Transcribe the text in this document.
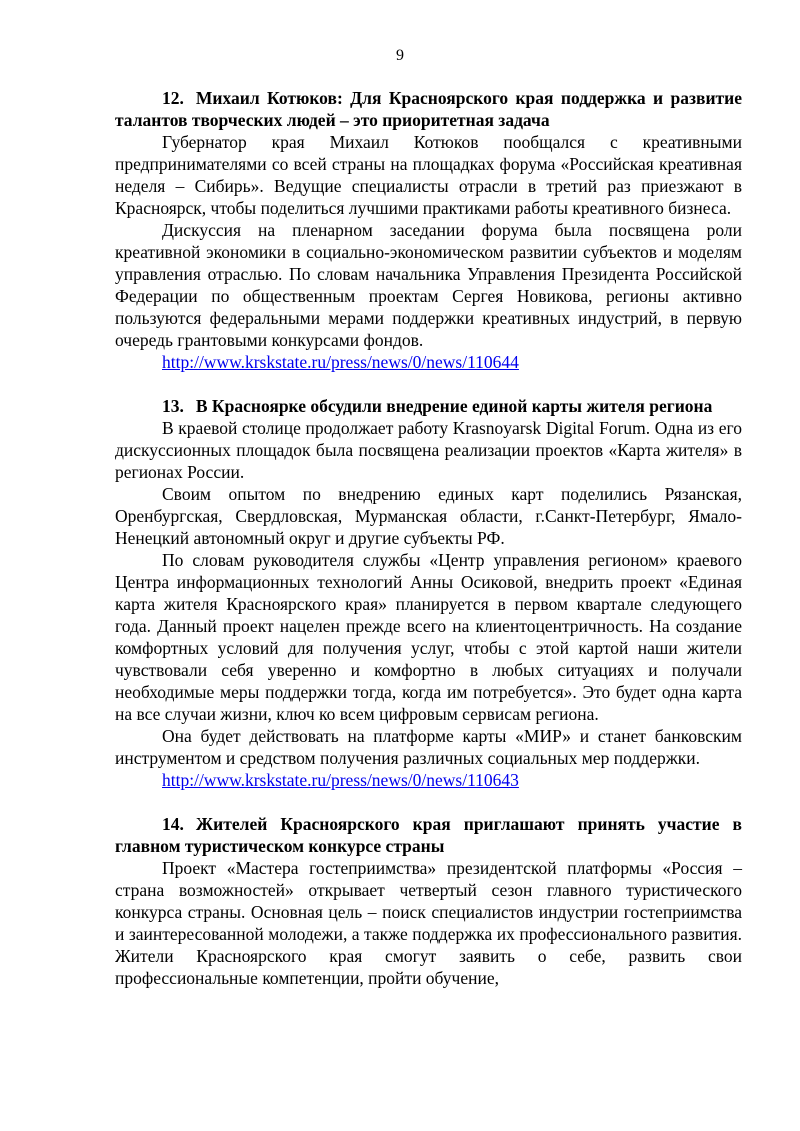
9

12. Михаил Котюков: Для Красноярского края поддержка и развитие талантов творческих людей – это приоритетная задача

Губернатор края Михаил Котюков пообщался с креативными предпринимателями со всей страны на площадках форума «Российская креативная неделя – Сибирь». Ведущие специалисты отрасли в третий раз приезжают в Красноярск, чтобы поделиться лучшими практиками работы креативного бизнеса.

Дискуссия на пленарном заседании форума была посвящена роли креативной экономики в социально-экономическом развитии субъектов и моделям управления отраслью. По словам начальника Управления Президента Российской Федерации по общественным проектам Сергея Новикова, регионы активно пользуются федеральными мерами поддержки креативных индустрий, в первую очередь грантовыми конкурсами фондов.

http://www.krskstate.ru/press/news/0/news/110644

13. В Красноярке обсудили внедрение единой карты жителя региона

В краевой столице продолжает работу Krasnoyarsk Digital Forum. Одна из его дискуссионных площадок была посвящена реализации проектов «Карта жителя» в регионах России.

Своим опытом по внедрению единых карт поделились Рязанская, Оренбургская, Свердловская, Мурманская области, г.Санкт-Петербург, Ямало-Ненецкий автономный округ и другие субъекты РФ.

По словам руководителя службы «Центр управления регионом» краевого Центра информационных технологий Анны Осиковой, внедрить проект «Единая карта жителя Красноярского края» планируется в первом квартале следующего года. Данный проект нацелен прежде всего на клиентоцентричность. На создание комфортных условий для получения услуг, чтобы с этой картой наши жители чувствовали себя уверенно и комфортно в любых ситуациях и получали необходимые меры поддержки тогда, когда им потребуется». Это будет одна карта на все случаи жизни, ключ ко всем цифровым сервисам региона.

Она будет действовать на платформе карты «МИР» и станет банковским инструментом и средством получения различных социальных мер поддержки.

http://www.krskstate.ru/press/news/0/news/110643

14. Жителей Красноярского края приглашают принять участие в главном туристическом конкурсе страны

Проект «Мастера гостеприимства» президентской платформы «Россия – страна возможностей» открывает четвертый сезон главного туристического конкурса страны. Основная цель – поиск специалистов индустрии гостеприимства и заинтересованной молодежи, а также поддержка их профессионального развития. Жители Красноярского края смогут заявить о себе, развить свои профессиональные компетенции, пройти обучение,
